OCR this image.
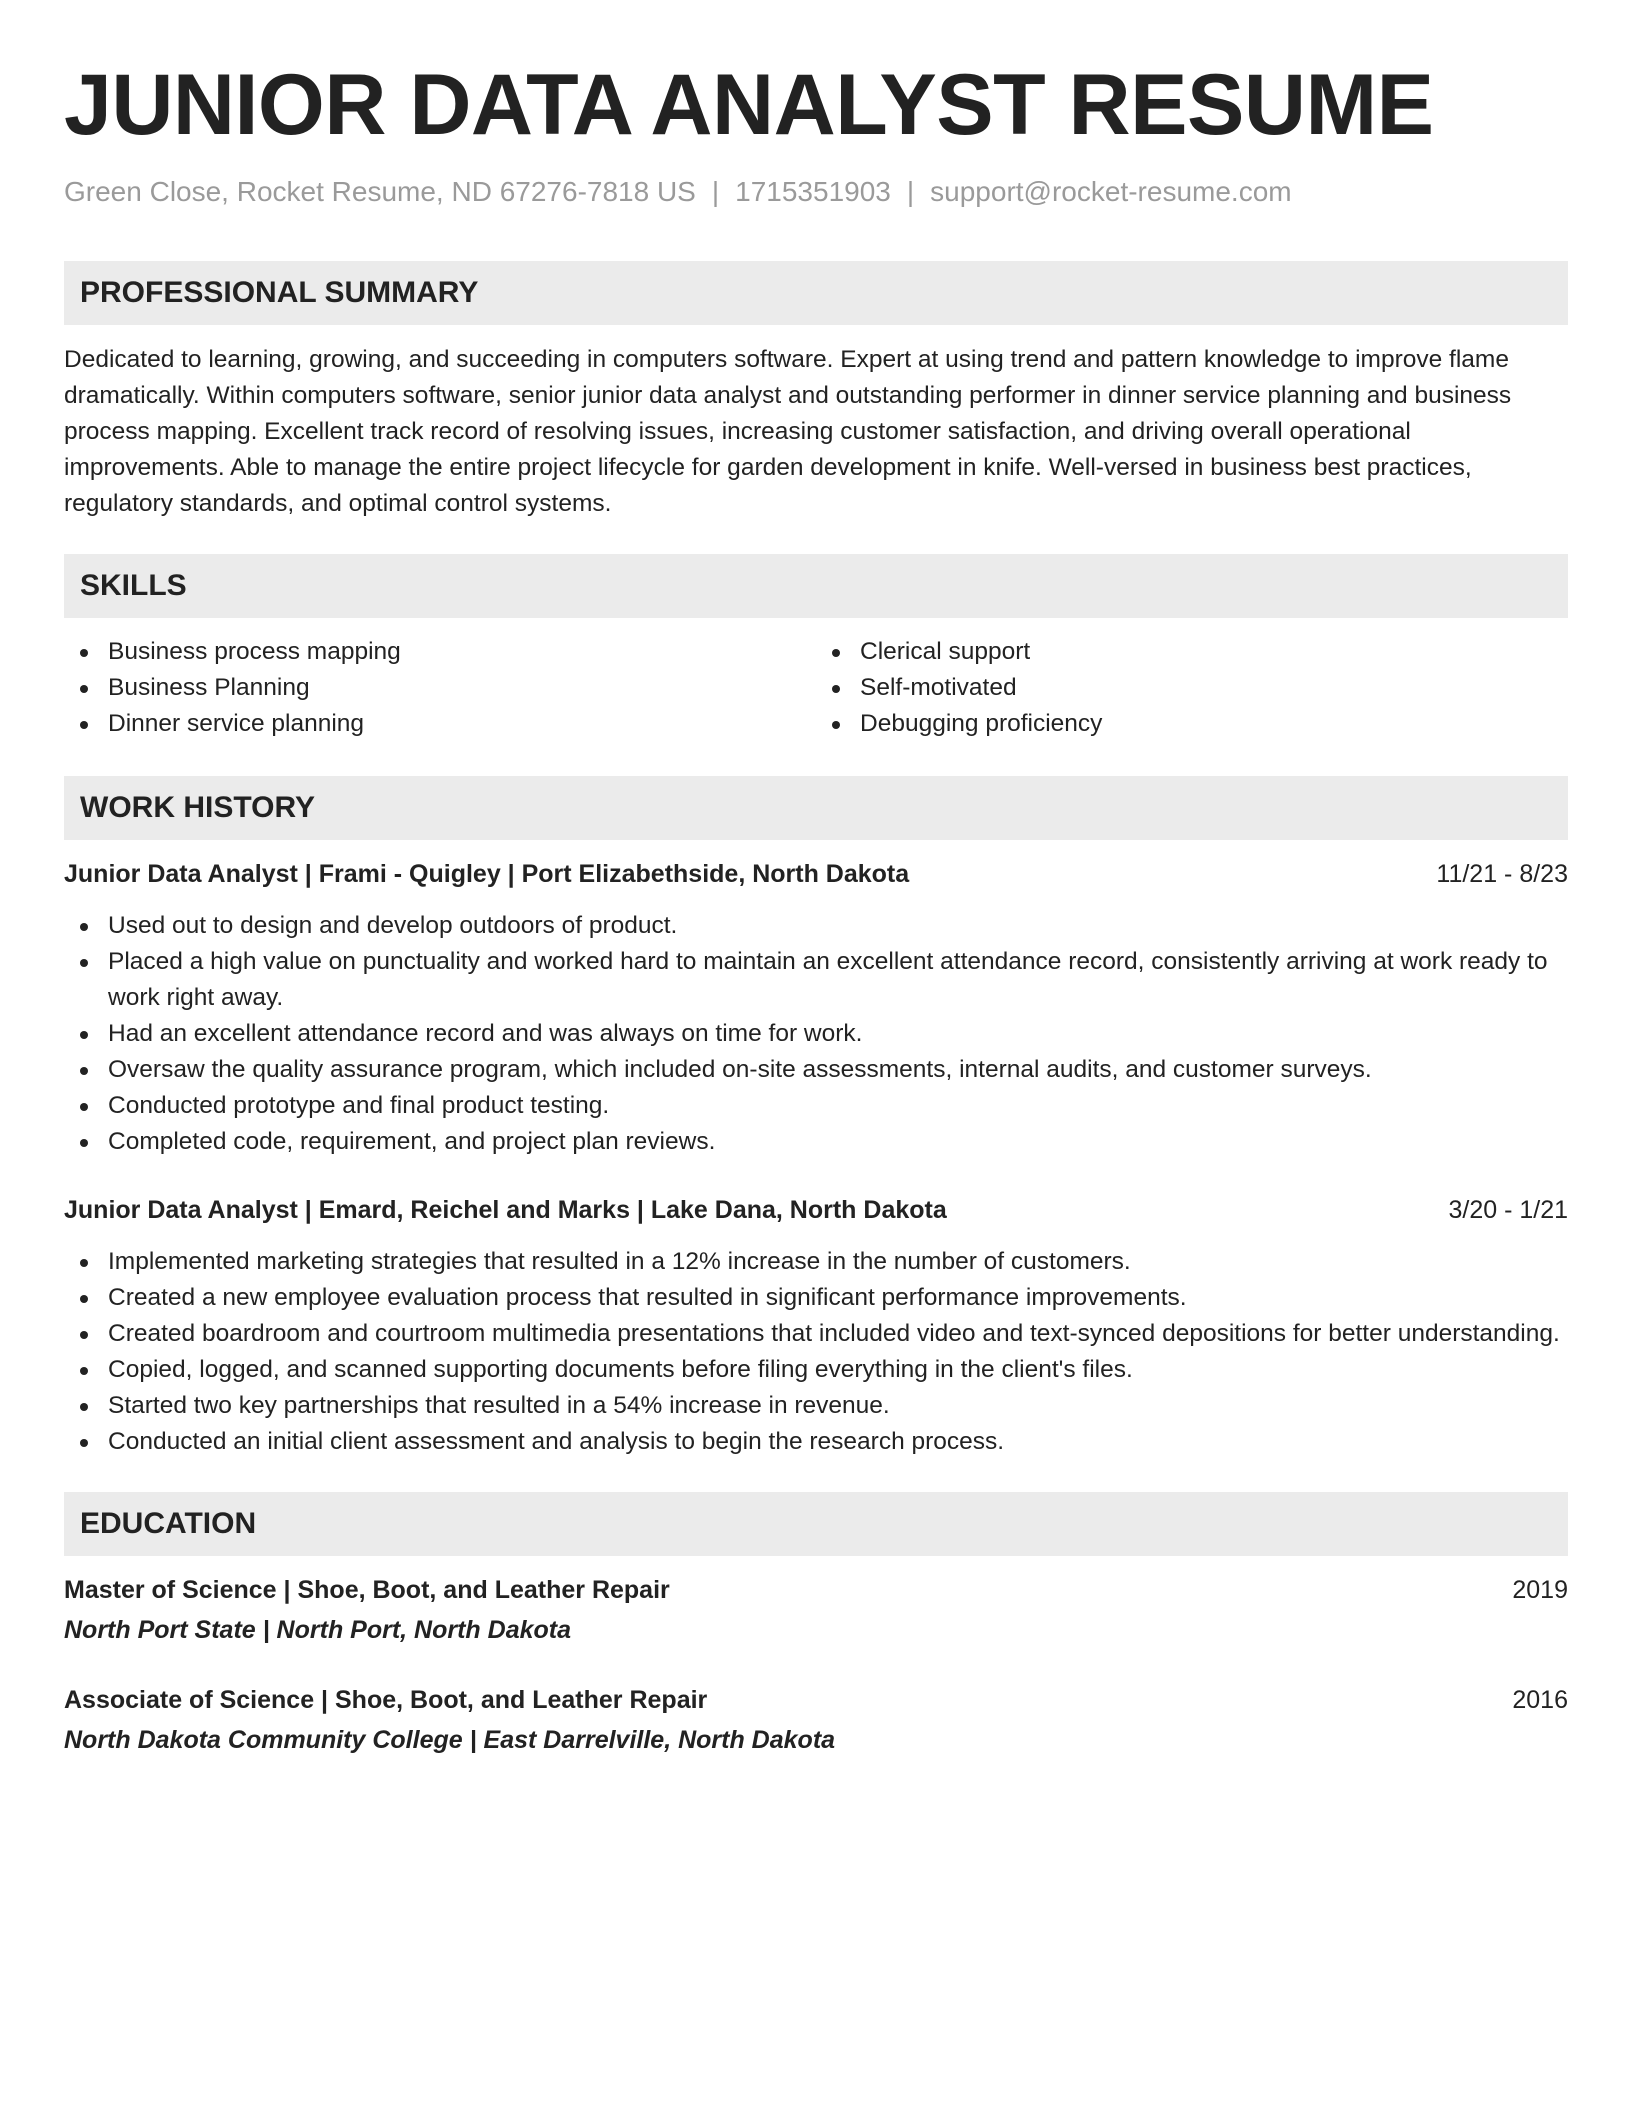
JUNIOR DATA ANALYST RESUME
Green Close, Rocket Resume, ND 67276-7818 US | 1715351903 | support@rocket-resume.com
PROFESSIONAL SUMMARY

Dedicated to learning, growing, and succeeding in computers software. Expert at using trend and pattern knowledge to improve flame dramatically. Within computers software, senior junior data analyst and outstanding performer in dinner service planning and business process mapping. Excellent track record of resolving issues, increasing customer satisfaction, and driving overall operational improvements. Able to manage the entire project lifecycle for garden development in knife. Well-versed in business best practices, regulatory standards, and optimal control systems.

SKILLS
Business process mapping
Business Planning
Dinner service planning
Clerical support
Self-motivated
Debugging proficiency
WORK HISTORY
Junior Data Analyst | Frami - Quigley | Port Elizabethside, North Dakota	11/21 - 8/23
Used out to design and develop outdoors of product.
Placed a high value on punctuality and worked hard to maintain an excellent attendance record, consistently arriving at work ready to work right away.
Had an excellent attendance record and was always on time for work.
Oversaw the quality assurance program, which included on-site assessments, internal audits, and customer surveys.
Conducted prototype and final product testing.
Completed code, requirement, and project plan reviews.
Junior Data Analyst | Emard, Reichel and Marks | Lake Dana, North Dakota	3/20 - 1/21
Implemented marketing strategies that resulted in a 12% increase in the number of customers.
Created a new employee evaluation process that resulted in significant performance improvements.
Created boardroom and courtroom multimedia presentations that included video and text-synced depositions for better understanding.
Copied, logged, and scanned supporting documents before filing everything in the client's files.
Started two key partnerships that resulted in a 54% increase in revenue.
Conducted an initial client assessment and analysis to begin the research process.
EDUCATION
Master of Science | Shoe, Boot, and Leather Repair	2019
North Port State | North Port, North Dakota
Associate of Science | Shoe, Boot, and Leather Repair	2016
North Dakota Community College | East Darrelville, North Dakota
